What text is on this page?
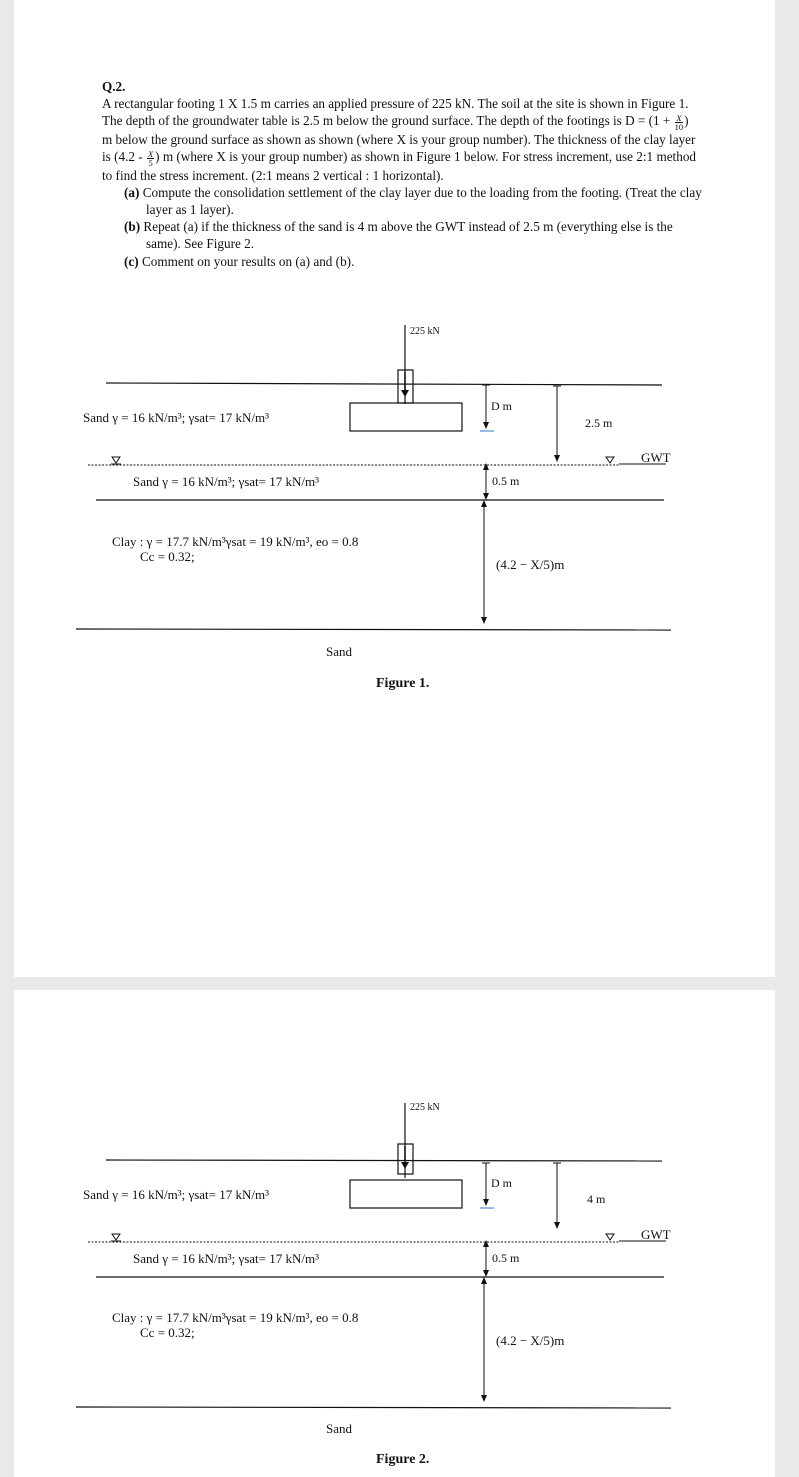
Q.2.

A rectangular footing 1 X 1.5 m carries an applied pressure of 225 kN. The soil at the site is shown in Figure 1. The depth of the groundwater table is 2.5 m below the ground surface. The depth of the footings is $D = (1 + \frac{X}{10}$ ) m below the ground surface as shown as shown (where X is your group number). The thickness of the clay layer is ($4.2 - \frac{X}{5}$ ) m (where X is your group number) as shown in Figure 1 below. For stress increment, use 2:1 method to find the stress increment. (2:1 means 2 vertical : 1 horizontal).

(a) Compute the consolidation settlement of the clay layer due to the loading from the footing. (Treat the clay layer as 1 layer).

(b) Repeat (a) if the thickness of the sand is 4 m above the GWT instead of 2.5 m (everything else is the same). See Figure 2.

(c) Comment on your results on (a) and (b).

225 kN
Sand γ = 16 kN/m³; γsat= 17 kN/m³
D m
2.5 m
GWT
Sand γ = 16 kN/m³; γsat= 17 kN/m³	0.5 m
Clay : γ = 17.7 kN/m³γsat = 19 kN/m³, eo = 0.8
Cc = 0.32;
(4.2 − X/5)m
Sand
Figure 1.
225 kN
Sand γ = 16 kN/m³; γsat= 17 kN/m³
D m
4 m
GWT
Sand γ = 16 kN/m³; γsat= 17 kN/m³	0.5 m
Clay : γ = 17.7 kN/m³γsat = 19 kN/m³, eo = 0.8
Cc = 0.32;
(4.2 − X/5)m
Sand
Figure 2.
